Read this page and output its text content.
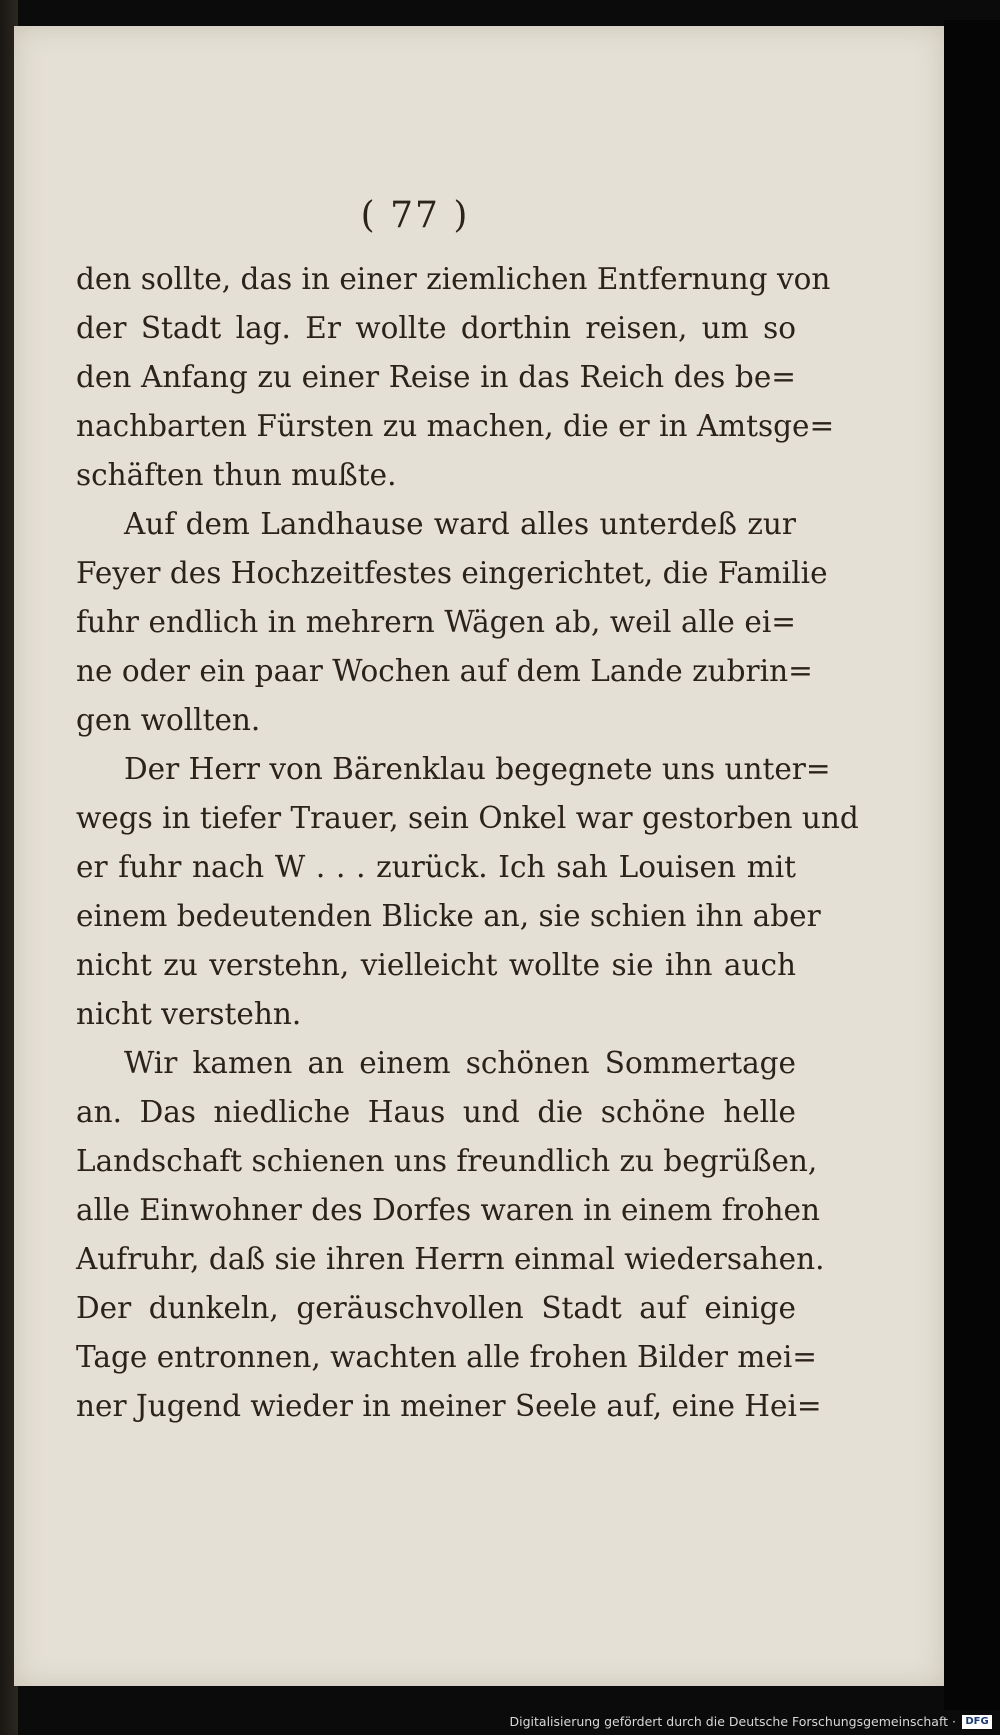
( 77 )
den sollte, das in einer ziemlichen Entfernung von
der Stadt lag. Er wollte dorthin reisen, um so
den Anfang zu einer Reise in das Reich des be=
nachbarten Fürsten zu machen, die er in Amtsge=
schäften thun mußte.
Auf dem Landhause ward alles unterdeß zur
Feyer des Hochzeitfestes eingerichtet, die Familie
fuhr endlich in mehrern Wägen ab, weil alle ei=
ne oder ein paar Wochen auf dem Lande zubrin=
gen wollten.
Der Herr von Bärenklau begegnete uns unter=
wegs in tiefer Trauer, sein Onkel war gestorben und
er fuhr nach W . . . zurück. Ich sah Louisen mit
einem bedeutenden Blicke an, sie schien ihn aber
nicht zu verstehn, vielleicht wollte sie ihn auch
nicht verstehn.
Wir kamen an einem schönen Sommertage
an. Das niedliche Haus und die schöne helle
Landschaft schienen uns freundlich zu begrüßen,
alle Einwohner des Dorfes waren in einem frohen
Aufruhr, daß sie ihren Herrn einmal wiedersahen.
Der dunkeln, geräuschvollen Stadt auf einige
Tage entronnen, wachten alle frohen Bilder mei=
ner Jugend wieder in meiner Seele auf, eine Hei=
Digitalisierung gefördert durch die Deutsche Forschungsgemeinschaft · DFG
